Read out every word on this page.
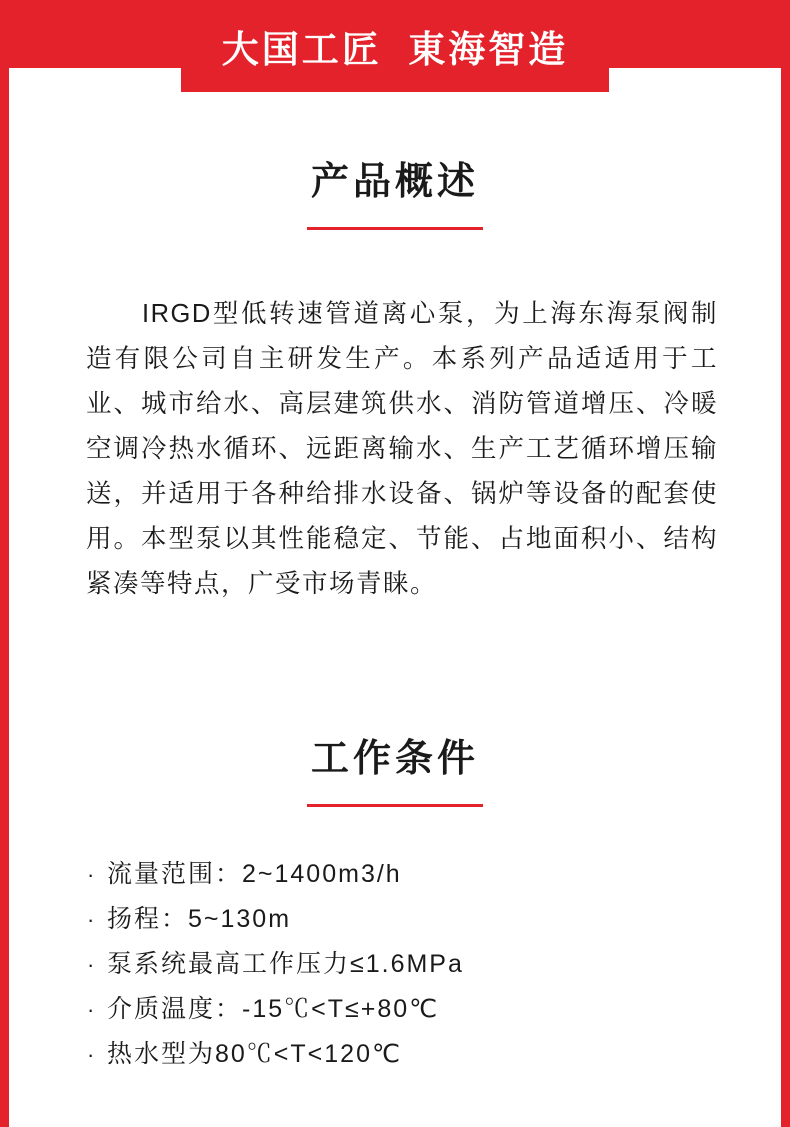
大国工匠  東海智造
产品概述
IRGD型低转速管道离心泵，为上海东海泵阀制造有限公司自主研发生产。本系列产品适适用于工业、城市给水、高层建筑供水、消防管道增压、冷暖空调冷热水循环、远距离输水、生产工艺循环增压输送，并适用于各种给排水设备、锅炉等设备的配套使用。本型泵以其性能稳定、节能、占地面积小、结构紧凑等特点，广受市场青睐。
工作条件
· 流量范围：2~1400m3/h
· 扬程：5~130m
· 泵系统最高工作压力≤1.6MPa
· 介质温度：-15℃<T≤+80℃
· 热水型为80℃<T<120℃
